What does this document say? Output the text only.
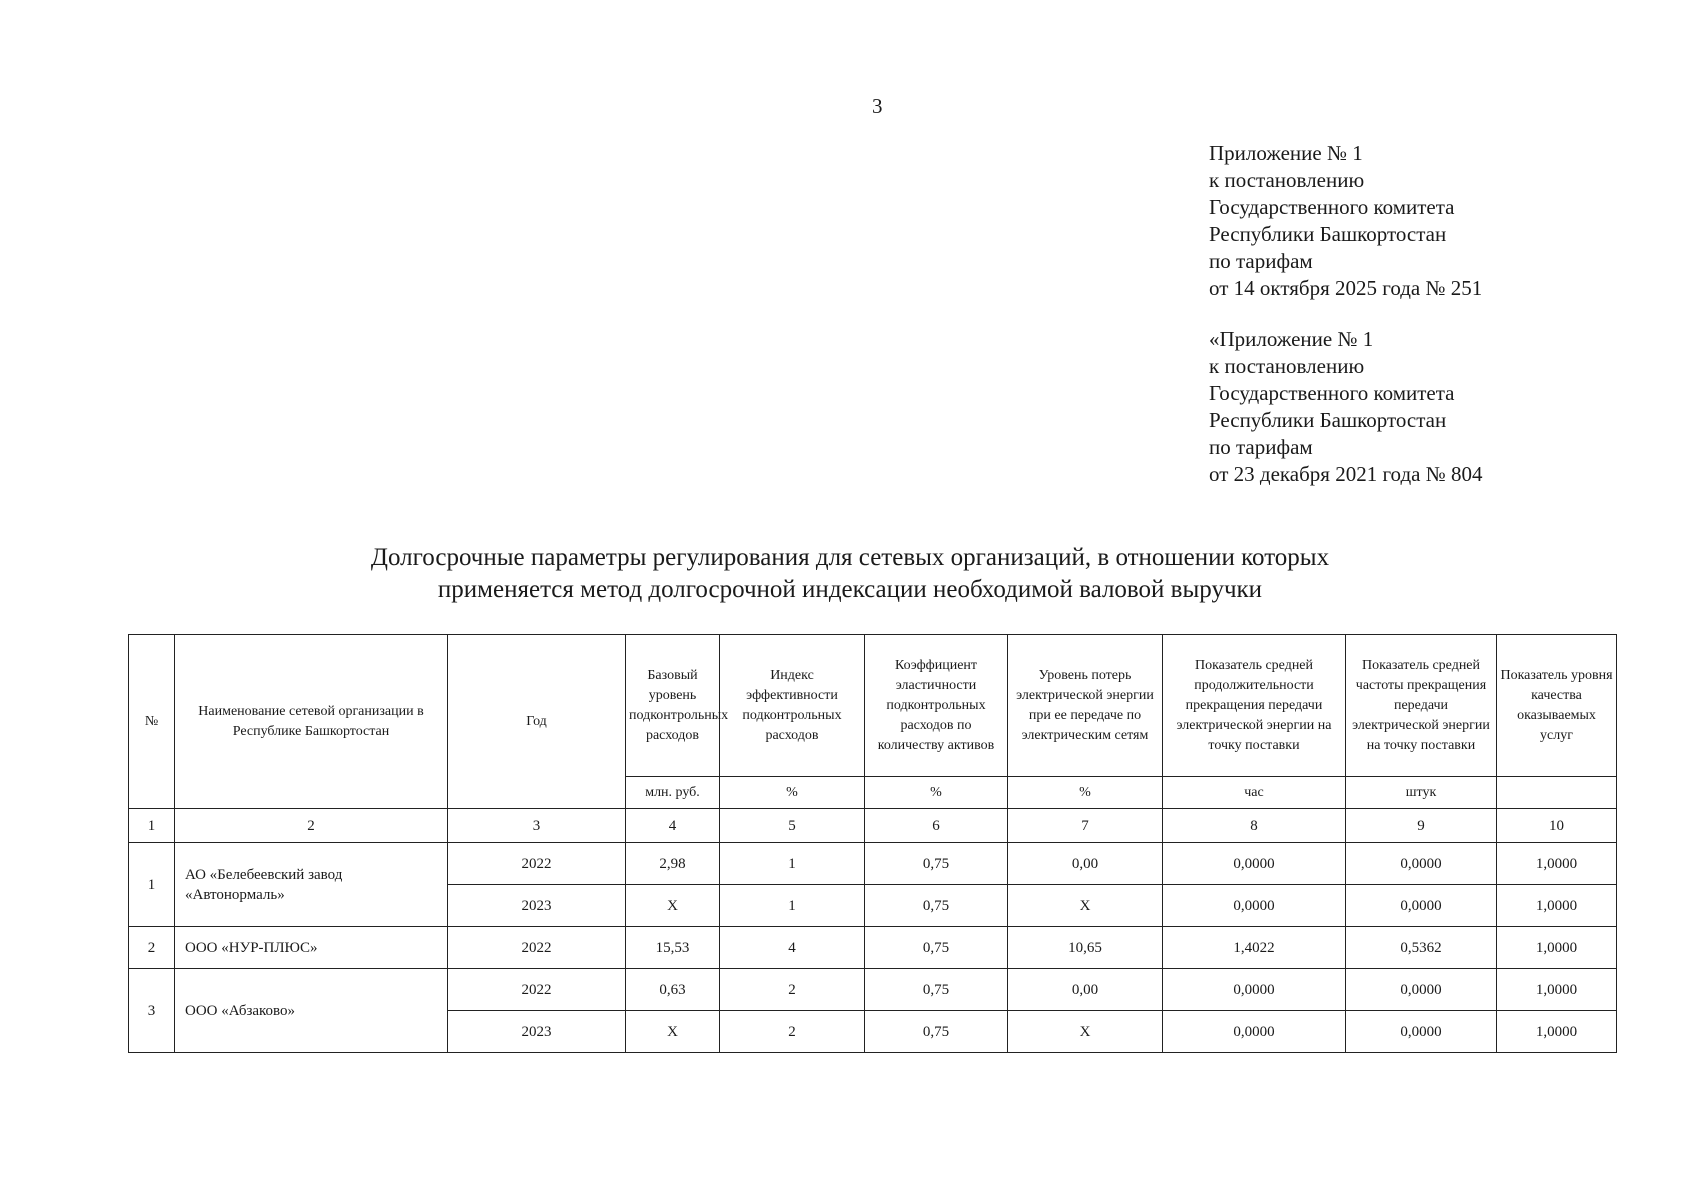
3
Приложение № 1
к постановлению
Государственного комитета
Республики Башкортостан
по тарифам
от 14 октября 2025 года № 251
«Приложение № 1
к постановлению
Государственного комитета
Республики Башкортостан
по тарифам
от 23 декабря 2021 года № 804
Долгосрочные параметры регулирования для сетевых организаций, в отношении которых
применяется метод долгосрочной индексации необходимой валовой выручки
№	Наименование сетевой организации в Республике Башкортостан	Год	Базовый уровень подконтрольных расходов	Индекс эффективности подконтрольных расходов	Коэффициент эластичности подконтрольных расходов по количеству активов	Уровень потерь электрической энергии при ее передаче по электрическим сетям	Показатель средней продолжительности прекращения передачи электрической энергии на точку поставки	Показатель средней частоты прекращения передачи электрической энергии на точку поставки	Показатель уровня качества оказываемых услуг
			млн. руб.	%	%	%	час	штук	
1	2	3	4	5	6	7	8	9	10
1	АО «Белебеевский завод «Автонормаль»	2022	2,98	1	0,75	0,00	0,0000	0,0000	1,0000
		2023	Х	1	0,75	Х	0,0000	0,0000	1,0000
2	ООО «НУР-ПЛЮС»	2022	15,53	4	0,75	10,65	1,4022	0,5362	1,0000
3	ООО «Абзаково»	2022	0,63	2	0,75	0,00	0,0000	0,0000	1,0000
		2023	Х	2	0,75	Х	0,0000	0,0000	1,0000
